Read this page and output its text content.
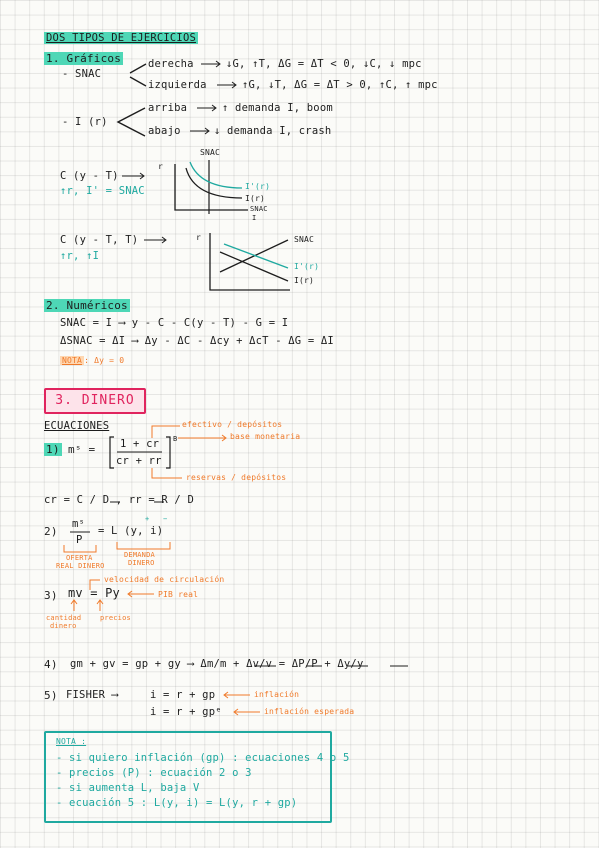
DOS TIPOS DE EJERCICIOS
1. Gráficos
- SNAC
derecha	↓G, ↑T, ΔG = ΔT < 0, ↓C, ↓ mpc
izquierda	↑G, ↓T, ΔG = ΔT > 0, ↑C, ↑ mpc
- I (r)
arriba	↑ demanda I, boom
abajo	↓ demanda I, crash
C (y - T)
↑r, I' = SNAC
r
SNAC
I'(r)
I(r)
SNAC
I
C (y - T, T)
↑r, ↑I
r	SNAC
I'(r)
I(r)
2. Numéricos
SNAC = I ⟶ y - C - C(y - T) - G = I
ΔSNAC = ΔI ⟶ Δy - ΔC - Δcy + ΔcT - ΔG = ΔI
NOTA : Δy = 0
3. DINERO
ECUACIONES
1) mˢ = 1 + cr
cr + rr
B
efectivo / depósitos
base monetaria
reservas / depósitos
cr = C / D , rr = R / D
2)
mˢ
P
= L (y, i)
+ −
OFERTA
REAL DINERO
DEMANDA
DINERO
3) mv = Py
velocidad de circulación
PIB real
cantidad
dinero
precios
4) gm + gv = gp + gy ⟶ Δm/m + Δv/v = ΔP/P + Δy/y
5) FISHER ⟶	i = r + gp	inflación
i = r + gpᵉ	inflación esperada
NOTA :
- si quiero inflación (gp) : ecuaciones 4 o 5
- precios (P) : ecuación 2 o 3
- si aumenta L, baja V
- ecuación 5 : L(y, i) = L(y, r + gp)
